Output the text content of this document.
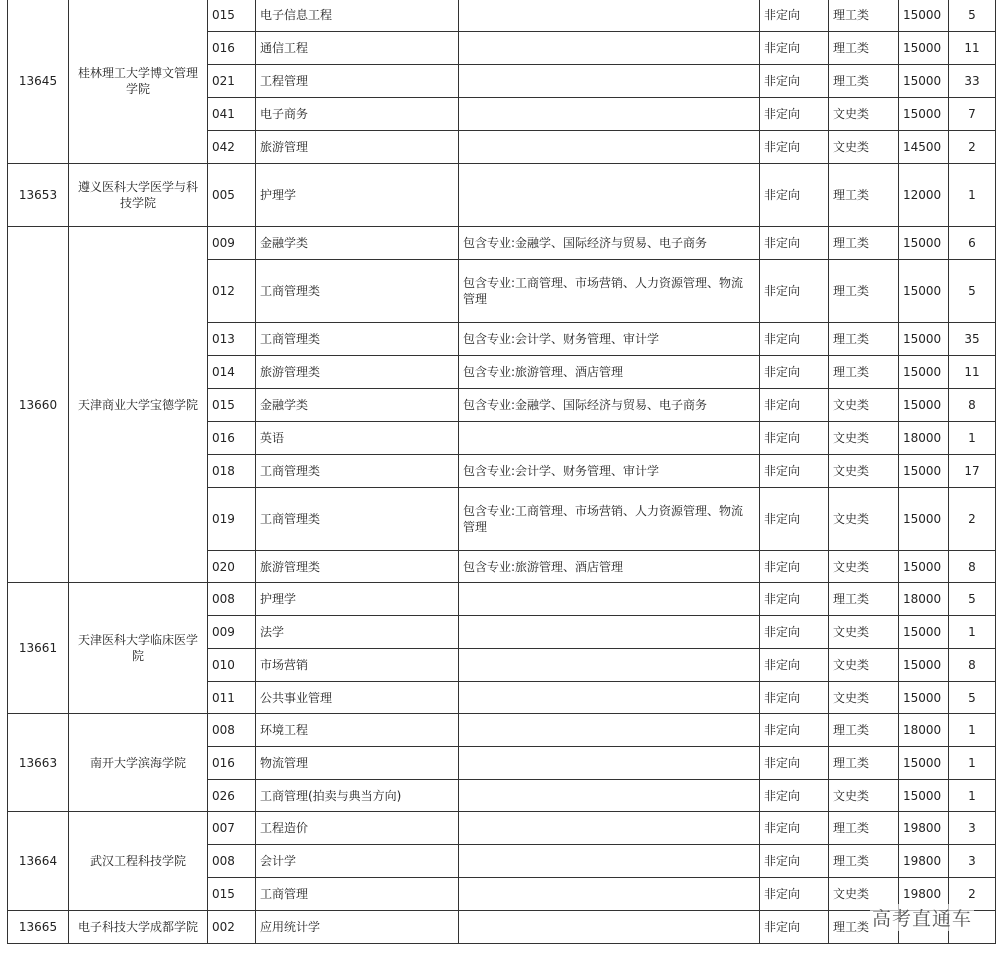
13645	桂林理工大学博文管理学院	015	电子信息工程		非定向	理工类	15000	5
		016	通信工程		非定向	理工类	15000	11
		021	工程管理		非定向	理工类	15000	33
		041	电子商务		非定向	文史类	15000	7
		042	旅游管理		非定向	文史类	14500	2
13653	遵义医科大学医学与科技学院	005	护理学		非定向	理工类	12000	1
13660	天津商业大学宝德学院	009	金融学类	包含专业:金融学、国际经济与贸易、电子商务	非定向	理工类	15000	6
		012	工商管理类	包含专业:工商管理、市场营销、人力资源管理、物流管理	非定向	理工类	15000	5
		013	工商管理类	包含专业:会计学、财务管理、审计学	非定向	理工类	15000	35
		014	旅游管理类	包含专业:旅游管理、酒店管理	非定向	理工类	15000	11
		015	金融学类	包含专业:金融学、国际经济与贸易、电子商务	非定向	文史类	15000	8
		016	英语		非定向	文史类	18000	1
		018	工商管理类	包含专业:会计学、财务管理、审计学	非定向	文史类	15000	17
		019	工商管理类	包含专业:工商管理、市场营销、人力资源管理、物流管理	非定向	文史类	15000	2
		020	旅游管理类	包含专业:旅游管理、酒店管理	非定向	文史类	15000	8
13661	天津医科大学临床医学院	008	护理学		非定向	理工类	18000	5
		009	法学		非定向	文史类	15000	1
		010	市场营销		非定向	文史类	15000	8
		011	公共事业管理		非定向	文史类	15000	5
13663	南开大学滨海学院	008	环境工程		非定向	理工类	18000	1
		016	物流管理		非定向	理工类	15000	1
		026	工商管理(拍卖与典当方向)		非定向	文史类	15000	1
13664	武汉工程科技学院	007	工程造价		非定向	理工类	19800	3
		008	会计学		非定向	理工类	19800	3
		015	工商管理		非定向	文史类	19800	2
13665	电子科技大学成都学院	002	应用统计学		非定向	理工类		高考直通车
